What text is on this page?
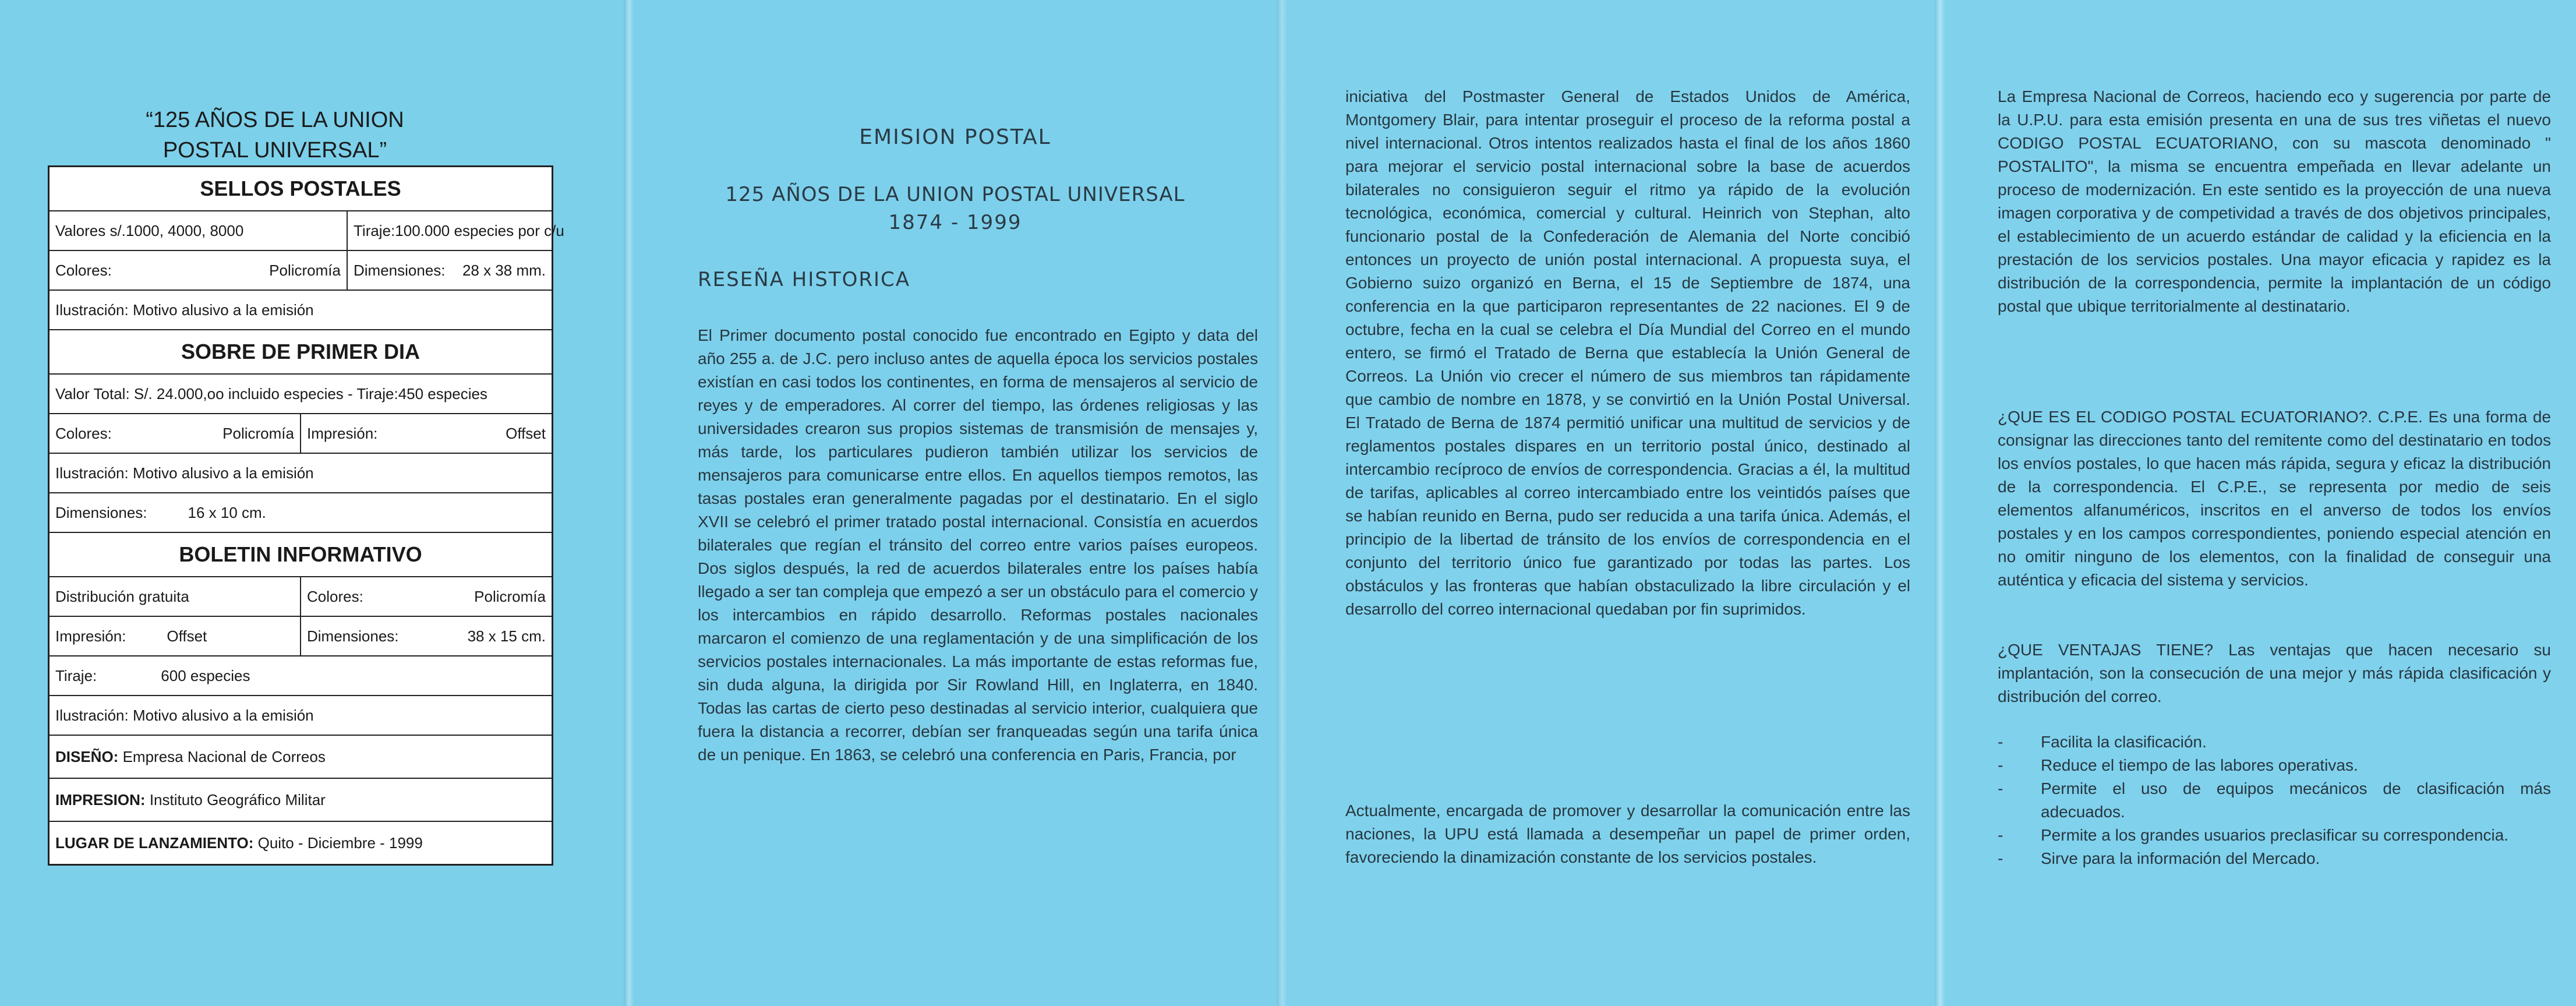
“125 AÑOS DE LA UNION
POSTAL UNIVERSAL”
SELLOS POSTALES
Valores s/.1000, 4000, 8000	Tiraje:100.000 especies por c/u
Colores:	Policromía Dimensiones: 28 x 38 mm.
Ilustración: Motivo alusivo a la emisión
SOBRE DE PRIMER DIA
Valor Total: S/. 24.000,oo incluido especies - Tiraje:450 especies
Colores:	Policromía Impresión:	Offset
Ilustración: Motivo alusivo a la emisión
Dimensiones:	16 x 10 cm.
BOLETIN INFORMATIVO
Distribución gratuita	Colores:	Policromía
Impresión:	Offset	Dimensiones:	38 x 15 cm.
Tiraje:	600 especies
Ilustración: Motivo alusivo a la emisión
DISEÑO:
Empresa Nacional de Correos
IMPRESION:
Instituto Geográfico Militar
LUGAR DE LANZAMIENTO:
Quito - Diciembre - 1999
EMISION POSTAL
125 AÑOS DE LA UNION POSTAL UNIVERSAL
1874 - 1999
RESEÑA HISTORICA

El Primer documento postal conocido fue encontrado en Egipto y data del año 255 a. de J.C. pero incluso antes de aquella época los servicios postales existían en casi todos los continentes, en forma de mensajeros al servicio de reyes y de emperadores. Al correr del tiempo, las órdenes religiosas y las universidades crearon sus propios sistemas de transmisión de mensajes y, más tarde, los particulares pudieron también utilizar los servicios de mensajeros para comunicarse entre ellos. En aquellos tiempos remotos, las tasas postales eran generalmente pagadas por el destinatario. En el siglo XVII se celebró el primer tratado postal internacional. Consistía en acuerdos bilaterales que regían el tránsito del correo entre varios países europeos. Dos siglos después, la red de acuerdos bilaterales entre los países había llegado a ser tan compleja que empezó a ser un obstáculo para el comercio y los intercambios en rápido desarrollo. Reformas postales nacionales marcaron el comienzo de una reglamentación y de una simplificación de los servicios postales internacionales. La más importante de estas reformas fue, sin duda alguna, la dirigida por Sir Rowland Hill, en Inglaterra, en 1840. Todas las cartas de cierto peso destinadas al servicio interior, cualquiera que fuera la distancia a recorrer, debían ser franqueadas según una tarifa única de un penique. En 1863, se celebró una conferencia en Paris, Francia, por

iniciativa del Postmaster General de Estados Unidos de América, Montgomery Blair, para intentar proseguir el proceso de la reforma postal a nivel internacional. Otros intentos realizados hasta el final de los años 1860 para mejorar el servicio postal internacional sobre la base de acuerdos bilaterales no consiguieron seguir el ritmo ya rápido de la evolución tecnológica, económica, comercial y cultural. Heinrich von Stephan, alto funcionario postal de la Confederación de Alemania del Norte concibió entonces un proyecto de unión postal internacional. A propuesta suya, el Gobierno suizo organizó en Berna, el 15 de Septiembre de 1874, una conferencia en la que participaron representantes de 22 naciones. El 9 de octubre, fecha en la cual se celebra el Día Mundial del Correo en el mundo entero, se firmó el Tratado de Berna que establecía la Unión General de Correos. La Unión vio crecer el número de sus miembros tan rápidamente que cambio de nombre en 1878, y se convirtió en la Unión Postal Universal. El Tratado de Berna de 1874 permitió unificar una multitud de servicios y de reglamentos postales dispares en un territorio postal único, destinado al intercambio recíproco de envíos de correspondencia. Gracias a él, la multitud de tarifas, aplicables al correo intercambiado entre los veintidós países que se habían reunido en Berna, pudo ser reducida a una tarifa única. Además, el principio de la libertad de tránsito de los envíos de correspondencia en el conjunto del territorio único fue garantizado por todas las partes. Los obstáculos y las fronteras que habían obstaculizado la libre circulación y el desarrollo del correo internacional quedaban por fin suprimidos.

Actualmente, encargada de promover y desarrollar la comunicación entre las naciones, la UPU está llamada a desempeñar un papel de primer orden, favoreciendo la dinamización constante de los servicios postales.

La Empresa Nacional de Correos, haciendo eco y sugerencia por parte de la U.P.U. para esta emisión presenta en una de sus tres viñetas el nuevo CODIGO POSTAL ECUATORIANO, con su mascota denominado " POSTALITO", la misma se encuentra empeñada en llevar adelante un proceso de modernización. En este sentido es la proyección de una nueva imagen corporativa y de competividad a través de dos objetivos principales, el establecimiento de un acuerdo estándar de calidad y la eficiencia en la prestación de los servicios postales. Una mayor eficacia y rapidez es la distribución de la correspondencia, permite la implantación de un código postal que ubique territorialmente al destinatario.

¿QUE ES EL CODIGO POSTAL ECUATORIANO?. C.P.E. Es una forma de consignar las direcciones tanto del remitente como del destinatario en todos los envíos postales, lo que hacen más rápida, segura y eficaz la distribución de la correspondencia. El C.P.E., se representa por medio de seis elementos alfanuméricos, inscritos en el anverso de todos los envíos postales y en los campos correspondientes, poniendo especial atención en no omitir ninguno de los elementos, con la finalidad de conseguir una auténtica y eficacia del sistema y servicios.

¿QUE VENTAJAS TIENE? Las ventajas que hacen necesario su implantación, son la consecución de una mejor y más rápida clasificación y distribución del correo.

- Facilita la clasificación.
- Reduce el tiempo de las labores operativas.
- Permite el uso de equipos mecánicos de clasificación más adecuados.
- Permite a los grandes usuarios preclasificar su correspondencia.
- Sirve para la información del Mercado.
